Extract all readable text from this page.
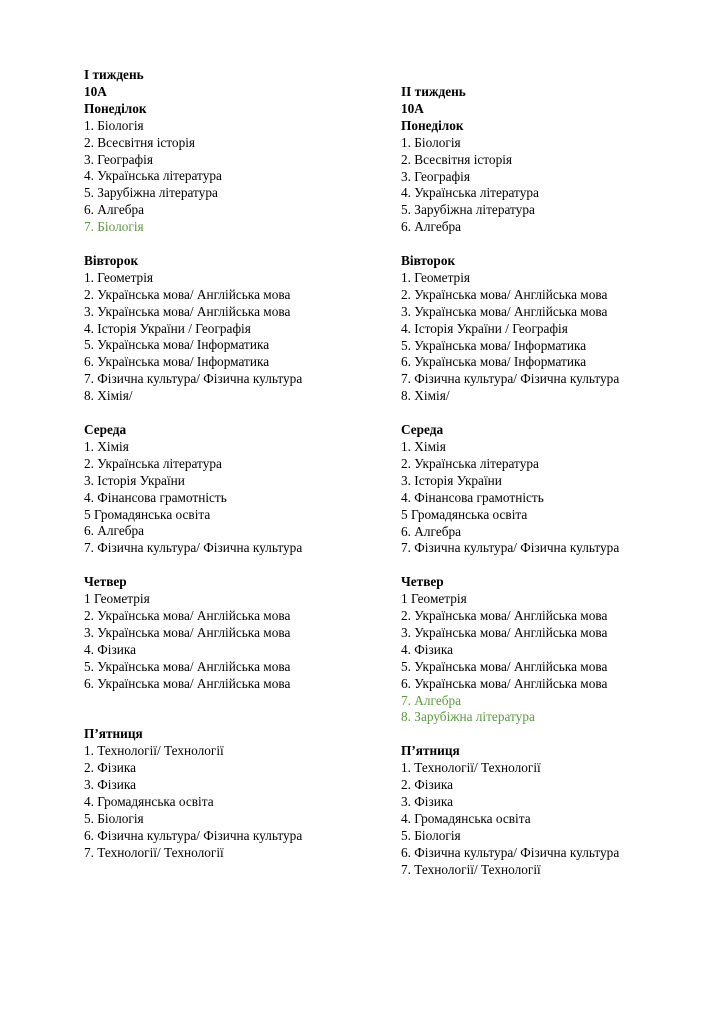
I тиждень
10А
Понеділок
1. Біологія
2. Всесвітня історія
3. Географія
4. Українська література
5. Зарубіжна література
6. Алгебра
7. Біологія
Вівторок
1. Геометрія
2. Українська мова/ Англійська мова
3. Українська мова/ Англійська мова
4. Історія України / Географія
5. Українська мова/ Інформатика
6. Українська мова/ Інформатика
7. Фізична культура/ Фізична культура
8. Хімія/
Середа
1. Хімія
2. Українська література
3. Історія України
4. Фінансова грамотність
5 Громадянська освіта
6. Алгебра
7. Фізична культура/ Фізична культура
Четвер
1 Геометрія
2. Українська мова/ Англійська мова
3. Українська мова/ Англійська мова
4. Фізика
5. Українська мова/ Англійська мова
6. Українська мова/ Англійська мова
П’ятниця
1. Технології/ Технології
2. Фізика
3. Фізика
4. Громадянська освіта
5. Біологія
6. Фізична культура/ Фізична культура
7. Технології/ Технології
II тиждень
10А
Понеділок
1. Біологія
2. Всесвітня історія
3. Географія
4. Українська література
5. Зарубіжна література
6. Алгебра
Вівторок
1. Геометрія
2. Українська мова/ Англійська мова
3. Українська мова/ Англійська мова
4. Історія України / Географія
5. Українська мова/ Інформатика
6. Українська мова/ Інформатика
7. Фізична культура/ Фізична культура
8. Хімія/
Середа
1. Хімія
2. Українська література
3. Історія України
4. Фінансова грамотність
5 Громадянська освіта
6. Алгебра
7. Фізична культура/ Фізична культура
Четвер
1 Геометрія
2. Українська мова/ Англійська мова
3. Українська мова/ Англійська мова
4. Фізика
5. Українська мова/ Англійська мова
6. Українська мова/ Англійська мова
7. Алгебра
8. Зарубіжна література
П’ятниця
1. Технології/ Технології
2. Фізика
3. Фізика
4. Громадянська освіта
5. Біологія
6. Фізична культура/ Фізична культура
7. Технології/ Технології
